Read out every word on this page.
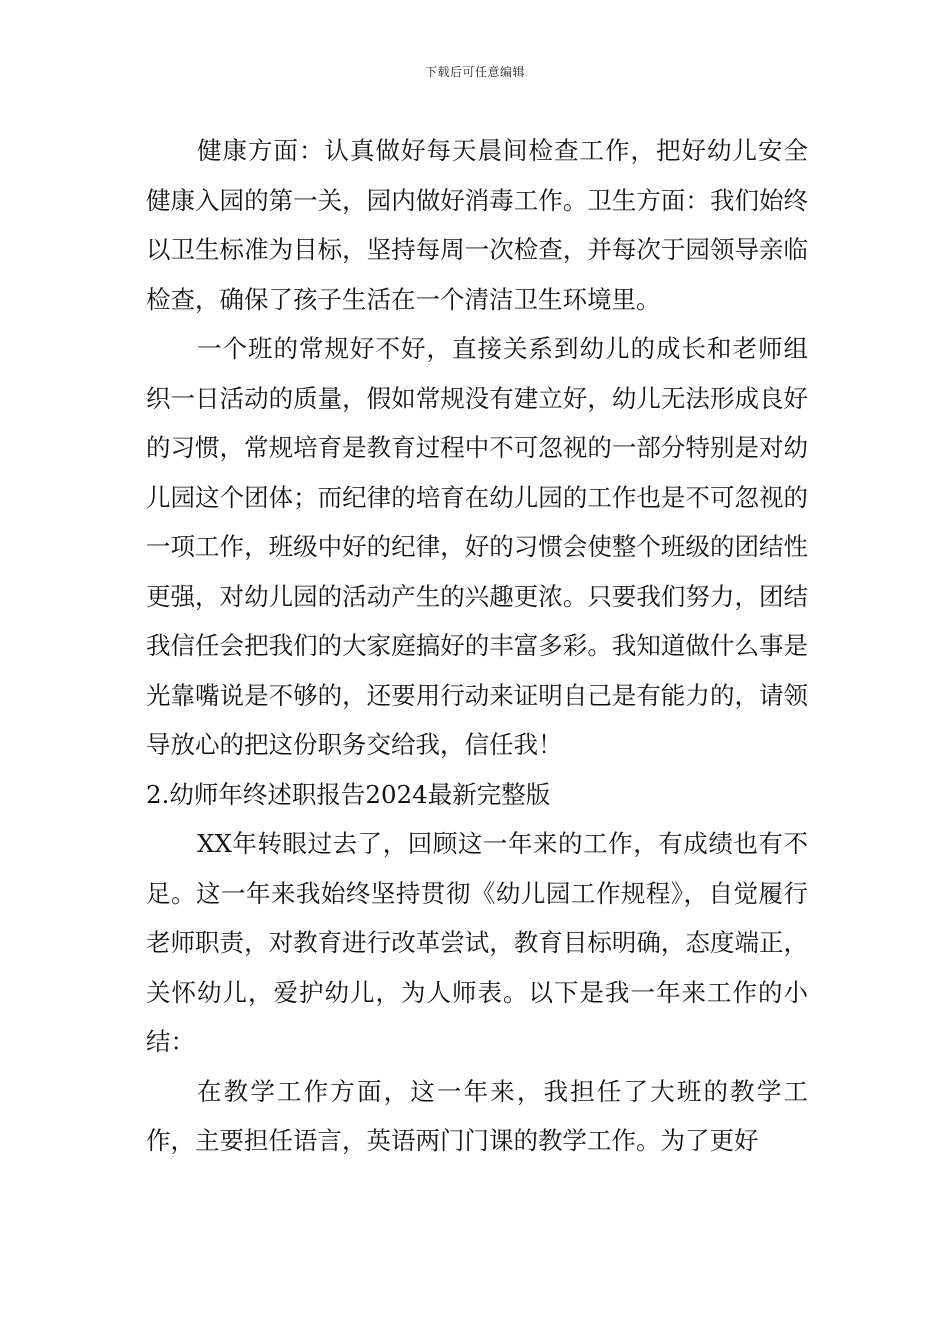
下载后可任意编辑

健康方面：认真做好每天晨间检查工作，把好幼儿安全健康入园的第一关，园内做好消毒工作。卫生方面：我们始终以卫生标准为目标，坚持每周一次检查，并每次于园领导亲临检查，确保了孩子生活在一个清洁卫生环境里。

一个班的常规好不好，直接关系到幼儿的成长和老师组织一日活动的质量，假如常规没有建立好，幼儿无法形成良好的习惯，常规培育是教育过程中不可忽视的一部分特别是对幼儿园这个团体；而纪律的培育在幼儿园的工作也是不可忽视的一项工作，班级中好的纪律，好的习惯会使整个班级的团结性更强，对幼儿园的活动产生的兴趣更浓。只要我们努力，团结我信任会把我们的大家庭搞好的丰富多彩。我知道做什么事是光靠嘴说是不够的，还要用行动来证明自己是有能力的，请领导放心的把这份职务交给我，信任我！

2.幼师年终述职报告2024最新完整版

XX年转眼过去了，回顾这一年来的工作，有成绩也有不足。这一年来我始终坚持贯彻《幼儿园工作规程》，自觉履行老师职责，对教育进行改革尝试，教育目标明确，态度端正，关怀幼儿，爱护幼儿，为人师表。以下是我一年来工作的小结：

在教学工作方面，这一年来，我担任了大班的教学工作，主要担任语言，英语两门门课的教学工作。为了更好
